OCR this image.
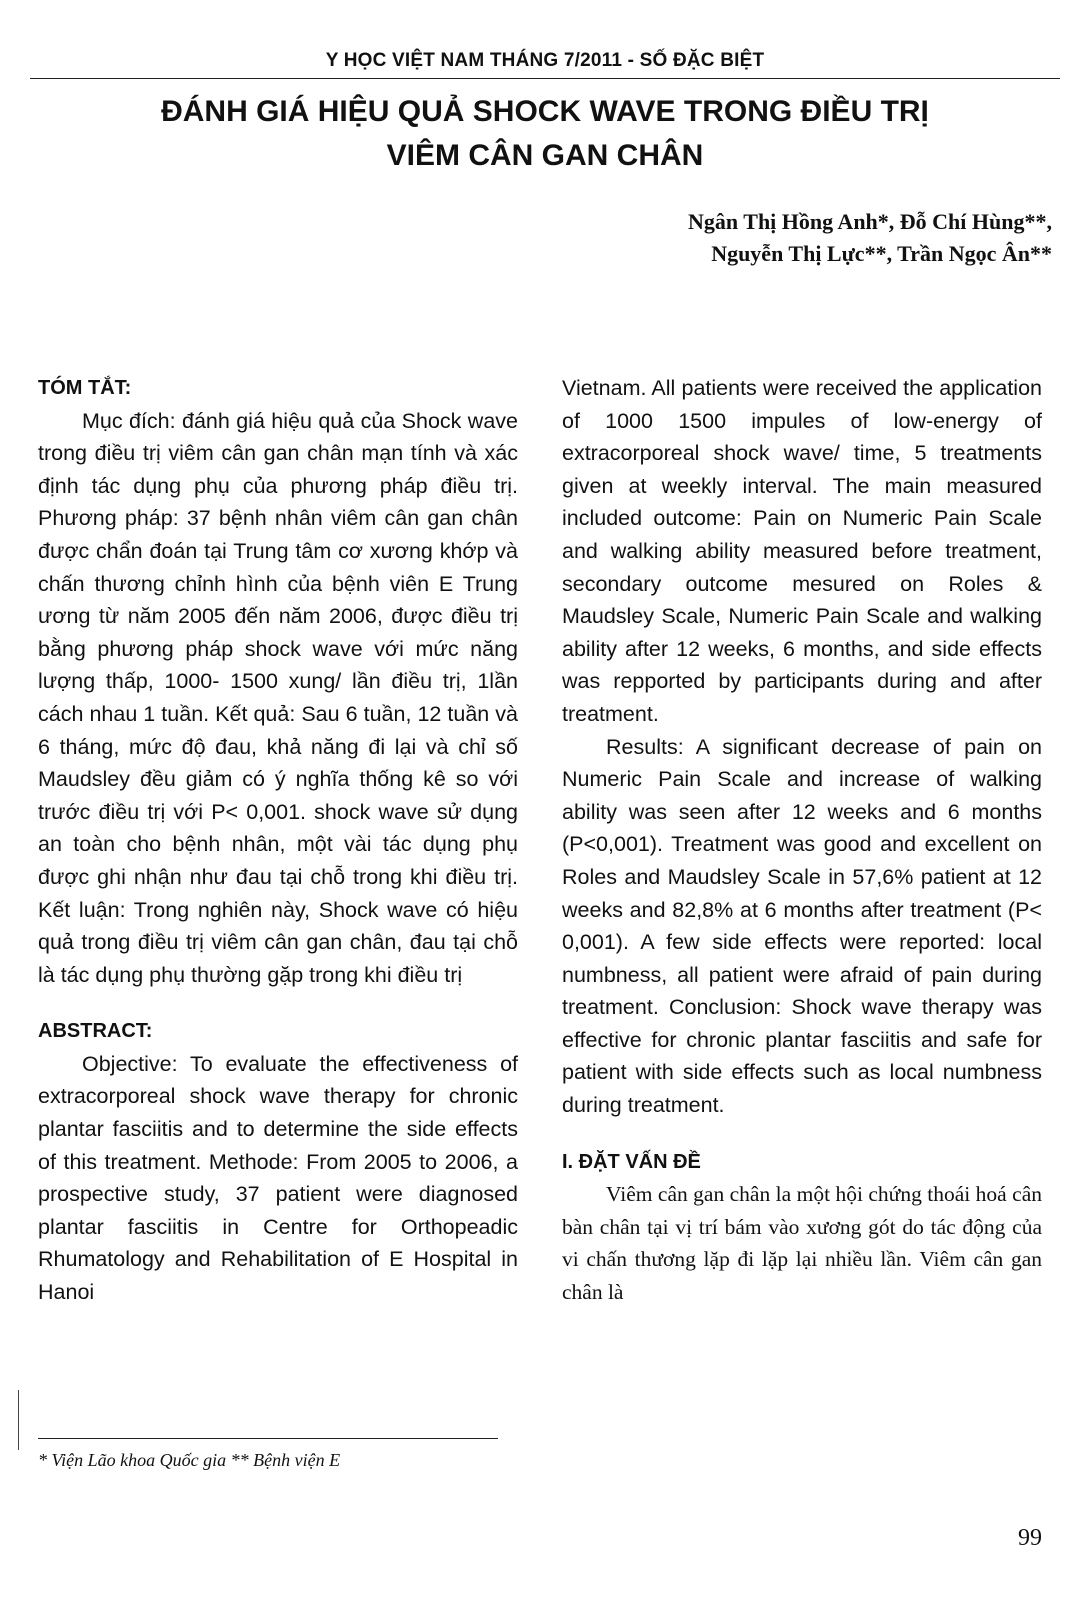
Y HỌC VIỆT NAM THÁNG 7/2011 - SỐ ĐẶC BIỆT
ĐÁNH GIÁ HIỆU QUẢ SHOCK WAVE TRONG ĐIỀU TRỊ
VIÊM CÂN GAN CHÂN
Ngân Thị Hồng Anh*, Đỗ Chí Hùng**,
Nguyễn Thị Lực**, Trần Ngọc Ân**
TÓM TẮT:

Mục đích: đánh giá hiệu quả của Shock wave trong điều trị viêm cân gan chân mạn tính và xác định tác dụng phụ của phương pháp điều trị. Phương pháp: 37 bệnh nhân viêm cân gan chân được chẩn đoán tại Trung tâm cơ xương khớp và chấn thương chỉnh hình của bệnh viên E Trung ương từ năm 2005 đến năm 2006, được điều trị bằng phương pháp shock wave với mức năng lượng thấp, 1000- 1500 xung/ lần điều trị, 1lần cách nhau 1 tuần. Kết quả: Sau 6 tuần, 12 tuần và 6 tháng, mức độ đau, khả năng đi lại và chỉ số Maudsley đều giảm có ý nghĩa thống kê so với trước điều trị với P< 0,001. shock wave sử dụng an toàn cho bệnh nhân, một vài tác dụng phụ được ghi nhận như đau tại chỗ trong khi điều trị. Kết luận: Trong nghiên này, Shock wave có hiệu quả trong điều trị viêm cân gan chân, đau tại chỗ là tác dụng phụ thường gặp trong khi điều trị

ABSTRACT:

Objective: To evaluate the effectiveness of extracorporeal shock wave therapy for chronic plantar fasciitis and to determine the side effects of this treatment. Methode: From 2005 to 2006, a prospective study, 37 patient were diagnosed plantar fasciitis in Centre for Orthopeadic Rhumatology and Rehabilitation of E Hospital in Hanoi

Vietnam. All patients were received the application of 1000 1500 impules of low-energy of extracorporeal shock wave/ time, 5 treatments given at weekly interval. The main measured included outcome: Pain on Numeric Pain Scale and walking ability measured before treatment, secondary outcome mesured on Roles & Maudsley Scale, Numeric Pain Scale and walking ability after 12 weeks, 6 months, and side effects was repported by participants during and after treatment.

Results: A significant decrease of pain on Numeric Pain Scale and increase of walking ability was seen after 12 weeks and 6 months (P<0,001). Treatment was good and excellent on Roles and Maudsley Scale in 57,6% patient at 12 weeks and 82,8% at 6 months after treatment (P< 0,001). A few side effects were reported: local numbness, all patient were afraid of pain during treatment. Conclusion: Shock wave therapy was effective for chronic plantar fasciitis and safe for patient with side effects such as local numbness during treatment.

I. ĐẶT VẤN ĐỀ

Viêm cân gan chân la một hội chứng thoái hoá cân bàn chân tại vị trí bám vào xương gót do tác động của vi chấn thương lặp đi lặp lại nhiều lần. Viêm cân gan chân là

* Viện Lão khoa Quốc gia ** Bệnh viện E
99
